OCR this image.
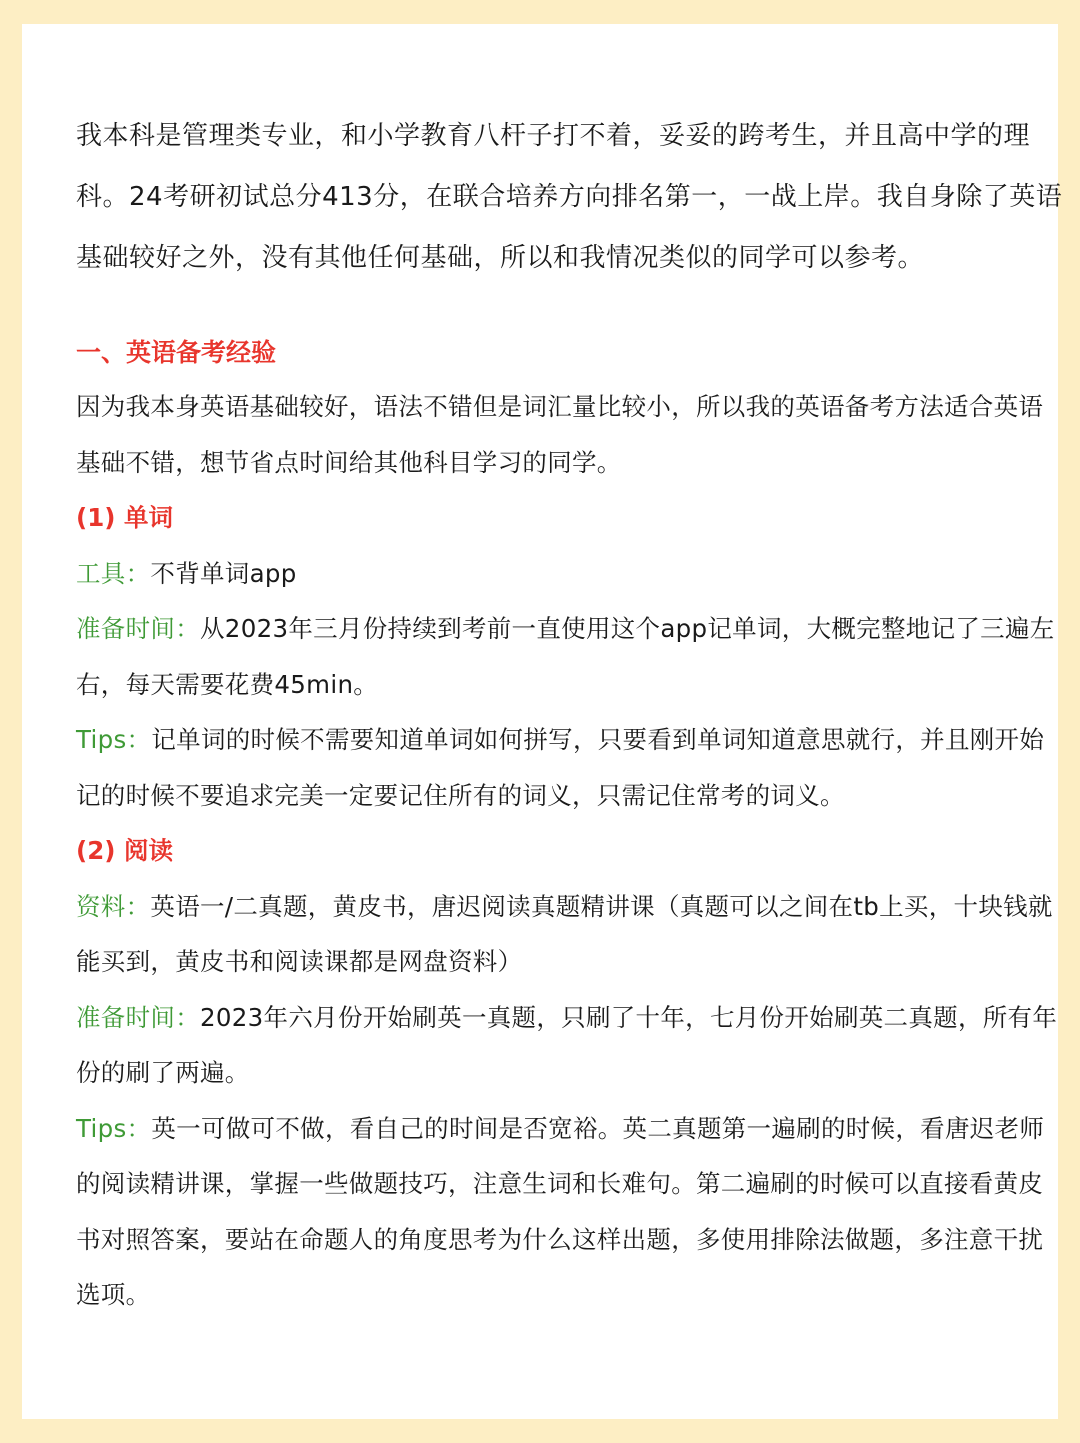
我本科是管理类专业，和小学教育八杆子打不着，妥妥的跨考生，并且高中学的理科。24考研初试总分413分，在联合培养方向排名第一，一战上岸。我自身除了英语基础较好之外，没有其他任何基础，所以和我情况类似的同学可以参考。

一、英语备考经验

因为我本身英语基础较好，语法不错但是词汇量比较小，所以我的英语备考方法适合英语基础不错，想节省点时间给其他科目学习的同学。

(1) 单词

工具：不背单词app

准备时间：从2023年三月份持续到考前一直使用这个app记单词，大概完整地记了三遍左右，每天需要花费45min。

Tips：记单词的时候不需要知道单词如何拼写，只要看到单词知道意思就行，并且刚开始记的时候不要追求完美一定要记住所有的词义，只需记住常考的词义。

(2) 阅读

资料：英语一/二真题，黄皮书，唐迟阅读真题精讲课（真题可以之间在tb上买，十块钱就能买到，黄皮书和阅读课都是网盘资料）

准备时间：2023年六月份开始刷英一真题，只刷了十年，七月份开始刷英二真题，所有年份的刷了两遍。

Tips：英一可做可不做，看自己的时间是否宽裕。英二真题第一遍刷的时候，看唐迟老师的阅读精讲课，掌握一些做题技巧，注意生词和长难句。第二遍刷的时候可以直接看黄皮书对照答案，要站在命题人的角度思考为什么这样出题，多使用排除法做题，多注意干扰选项。
